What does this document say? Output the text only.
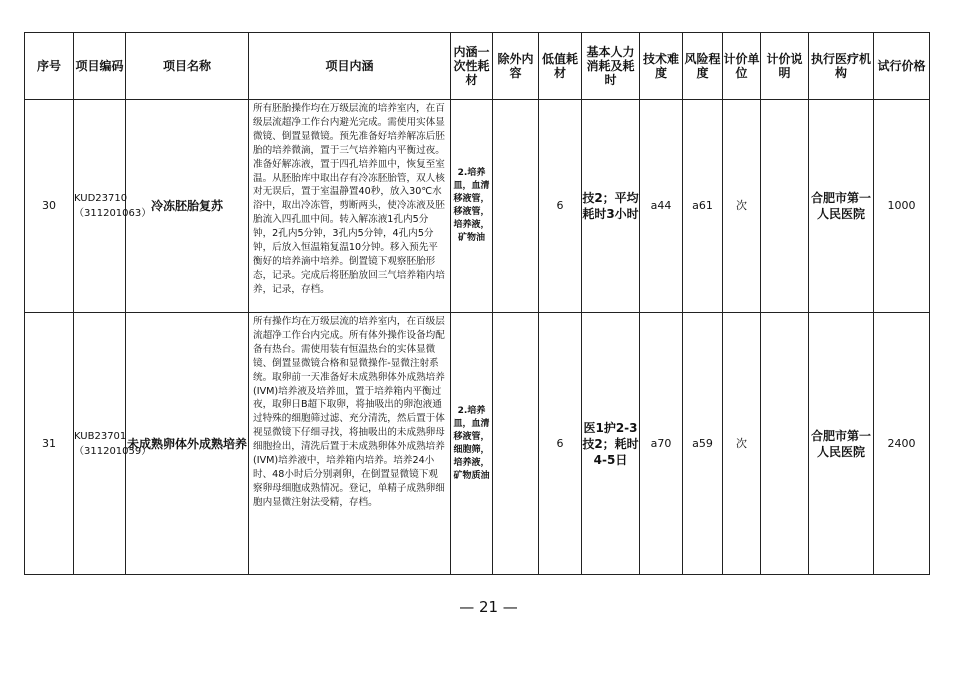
序号	项目编码	项目名称	项目内涵	内涵一次性耗材	除外内容	低值耗材	基本人力消耗及耗时	技术难度	风险程度	计价单位	计价说明	执行医疗机构	试行价格
30	KUD23710（311201063）	冷冻胚胎复苏	所有胚胎操作均在万级层流的培养室内，在百级层流超净工作台内避光完成。需使用实体显微镜、倒置显微镜。预先准备好培养解冻后胚胎的培养微滴，置于三气培养箱内平衡过夜。准备好解冻液，置于四孔培养皿中，恢复至室温。从胚胎库中取出存有冷冻胚胎管，双人核对无误后，置于室温静置40秒，放入30℃水浴中，取出冷冻管，剪断两头，使冷冻液及胚胎流入四孔皿中间。转入解冻液1孔内5分钟，2孔内5分钟，3孔内5分钟，4孔内5分钟，后放入恒温箱复温10分钟。移入预先平衡好的培养滴中培养。倒置镜下观察胚胎形态，记录。完成后将胚胎放回三气培养箱内培养，记录，存档。	2.培养皿，血清移液管，移液管，培养液，矿物油		6	技2；平均耗时3小时	a44	a61	次		合肥市第一人民医院	1000
31	KUB23701（311201059）	未成熟卵体外成熟培养	所有操作均在万级层流的培养室内，在百级层流超净工作台内完成。所有体外操作设备均配备有热台。需使用装有恒温热台的实体显微镜、倒置显微镜合格和显微操作-显微注射系统。取卵前一天准备好未成熟卵体外成熟培养(IVM)培养液及培养皿，置于培养箱内平衡过夜，取卵日B超下取卵，将抽吸出的卵泡液通过特殊的细胞筛过滤、充分清洗，然后置于体视显微镜下仔细寻找，将抽吸出的未成熟卵母细胞捡出，清洗后置于未成熟卵体外成熟培养(IVM)培养液中，培养箱内培养。培养24小时、48小时后分别剥卵，在倒置显微镜下观察卵母细胞成熟情况。登记，单精子成熟卵细胞内显微注射法受精，存档。	2.培养皿，血清移液管，细胞筛，培养液，矿物质油		6	医1护2-3技2；耗时4-5日	a70	a59	次		合肥市第一人民医院	2400
— 21 —
